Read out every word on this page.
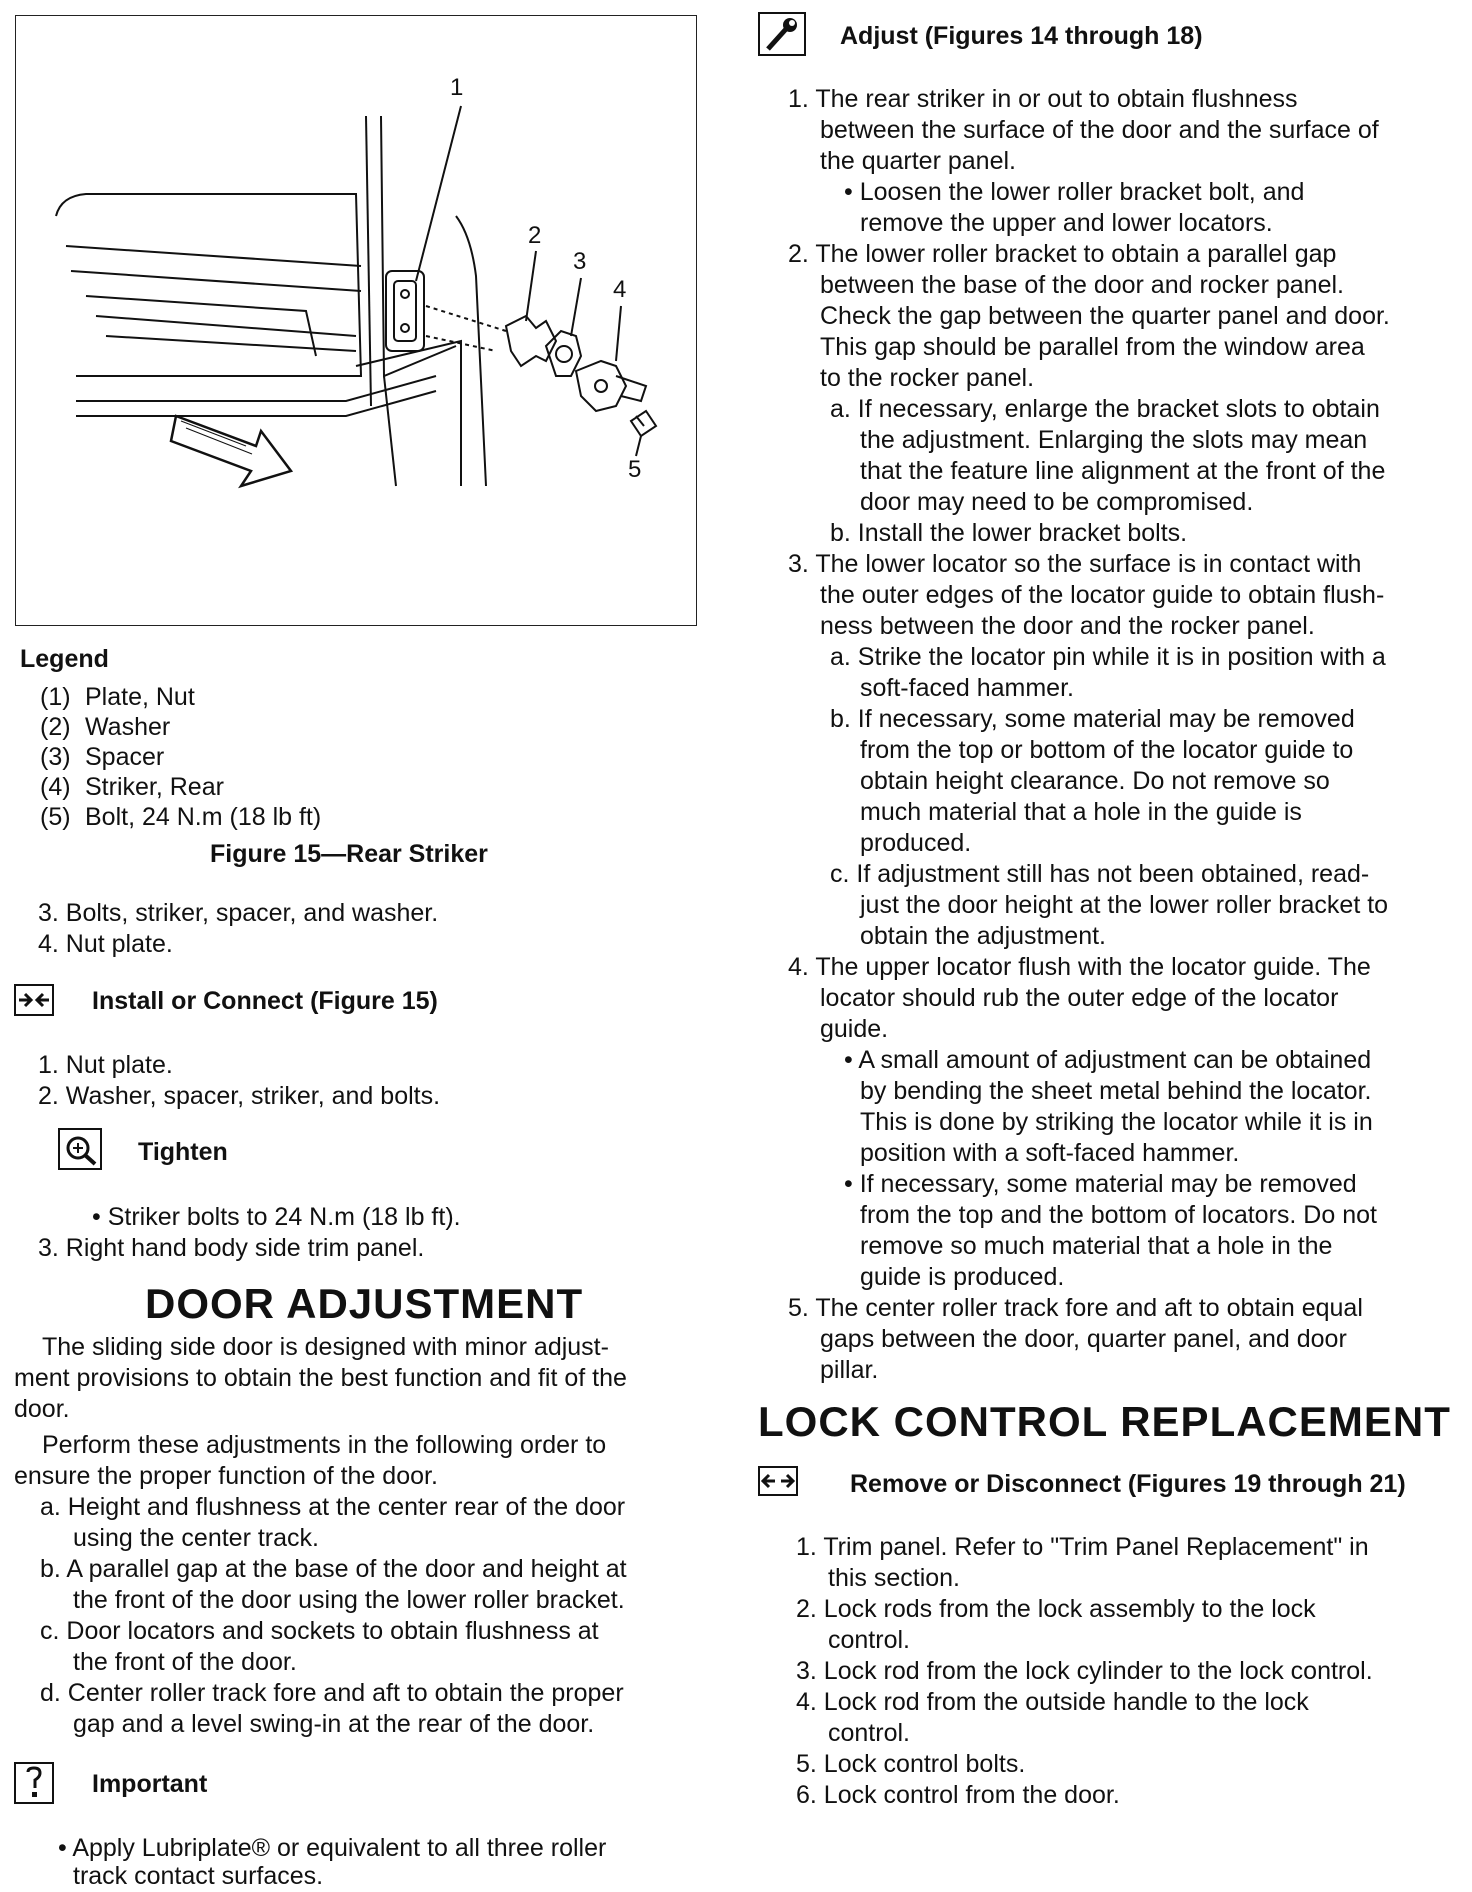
1
2
3
4
5
Legend
(1) Plate, Nut
(2) Washer
(3) Spacer
(4) Striker, Rear
(5) Bolt, 24 N.m (18 lb ft)
Figure 15—Rear Striker
3. Bolts, striker, spacer, and washer.
4. Nut plate.
Install or Connect (Figure 15)
1. Nut plate.
2. Washer, spacer, striker, and bolts.
Tighten
• Striker bolts to 24 N.m (18 lb ft).
3. Right hand body side trim panel.
DOOR ADJUSTMENT
The sliding side door is designed with minor adjust-
ment provisions to obtain the best function and fit of the
door.
Perform these adjustments in the following order to
ensure the proper function of the door.
a. Height and flushness at the center rear of the door
using the center track.
b. A parallel gap at the base of the door and height at
the front of the door using the lower roller bracket.
c. Door locators and sockets to obtain flushness at
the front of the door.
d. Center roller track fore and aft to obtain the proper
gap and a level swing-in at the rear of the door.
Important
• Apply Lubriplate® or equivalent to all three roller
track contact surfaces.
Adjust (Figures 14 through 18)
1. The rear striker in or out to obtain flushness
between the surface of the door and the surface of
the quarter panel.
• Loosen the lower roller bracket bolt, and
remove the upper and lower locators.
2. The lower roller bracket to obtain a parallel gap
between the base of the door and rocker panel.
Check the gap between the quarter panel and door.
This gap should be parallel from the window area
to the rocker panel.
a. If necessary, enlarge the bracket slots to obtain
the adjustment. Enlarging the slots may mean
that the feature line alignment at the front of the
door may need to be compromised.
b. Install the lower bracket bolts.
3. The lower locator so the surface is in contact with
the outer edges of the locator guide to obtain flush-
ness between the door and the rocker panel.
a. Strike the locator pin while it is in position with a
soft-faced hammer.
b. If necessary, some material may be removed
from the top or bottom of the locator guide to
obtain height clearance. Do not remove so
much material that a hole in the guide is
produced.
c. If adjustment still has not been obtained, read-
just the door height at the lower roller bracket to
obtain the adjustment.
4. The upper locator flush with the locator guide. The
locator should rub the outer edge of the locator
guide.
• A small amount of adjustment can be obtained
by bending the sheet metal behind the locator.
This is done by striking the locator while it is in
position with a soft-faced hammer.
• If necessary, some material may be removed
from the top and the bottom of locators. Do not
remove so much material that a hole in the
guide is produced.
5. The center roller track fore and aft to obtain equal
gaps between the door, quarter panel, and door
pillar.
LOCK CONTROL REPLACEMENT
Remove or Disconnect (Figures 19 through 21)
1. Trim panel. Refer to "Trim Panel Replacement" in
this section.
2. Lock rods from the lock assembly to the lock
control.
3. Lock rod from the lock cylinder to the lock control.
4. Lock rod from the outside handle to the lock
control.
5. Lock control bolts.
6. Lock control from the door.
